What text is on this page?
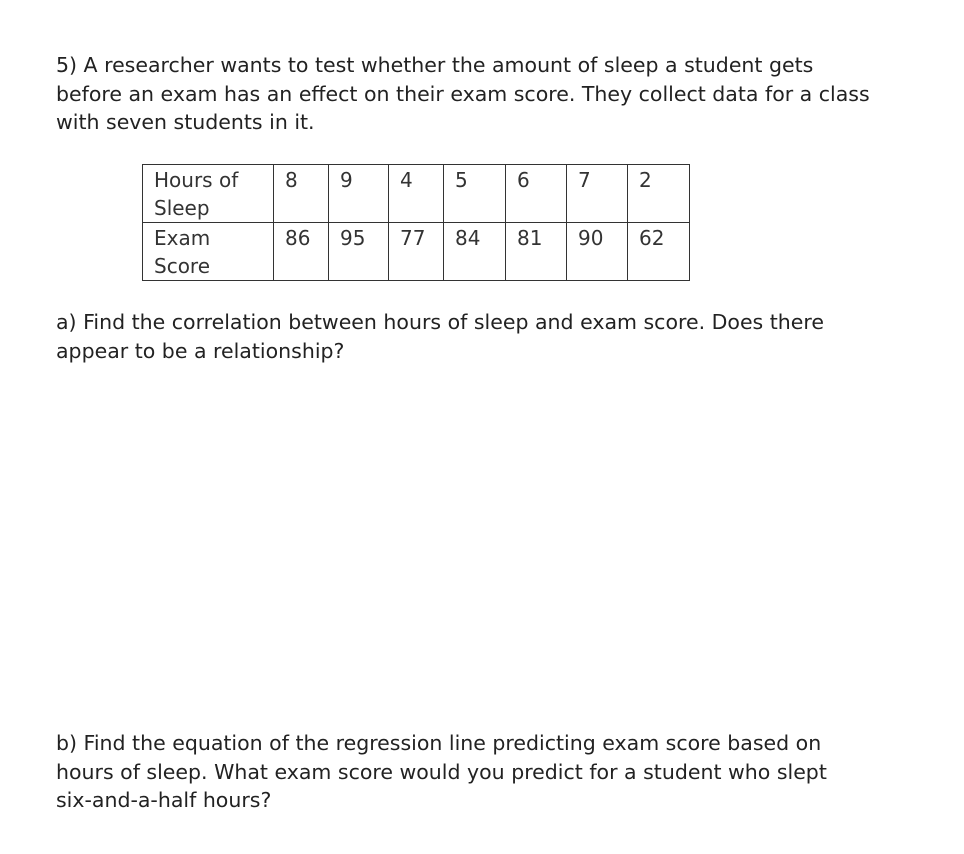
5) A researcher wants to test whether the amount of sleep a student gets
before an exam has an effect on their exam score. They collect data for a class
with seven students in it.
Hours of
Sleep	8	9	4	5	6	7	2
Exam
Score	86	95	77	84	81	90	62
a) Find the correlation between hours of sleep and exam score. Does there
appear to be a relationship?
b) Find the equation of the regression line predicting exam score based on
hours of sleep. What exam score would you predict for a student who slept
six-and-a-half hours?
